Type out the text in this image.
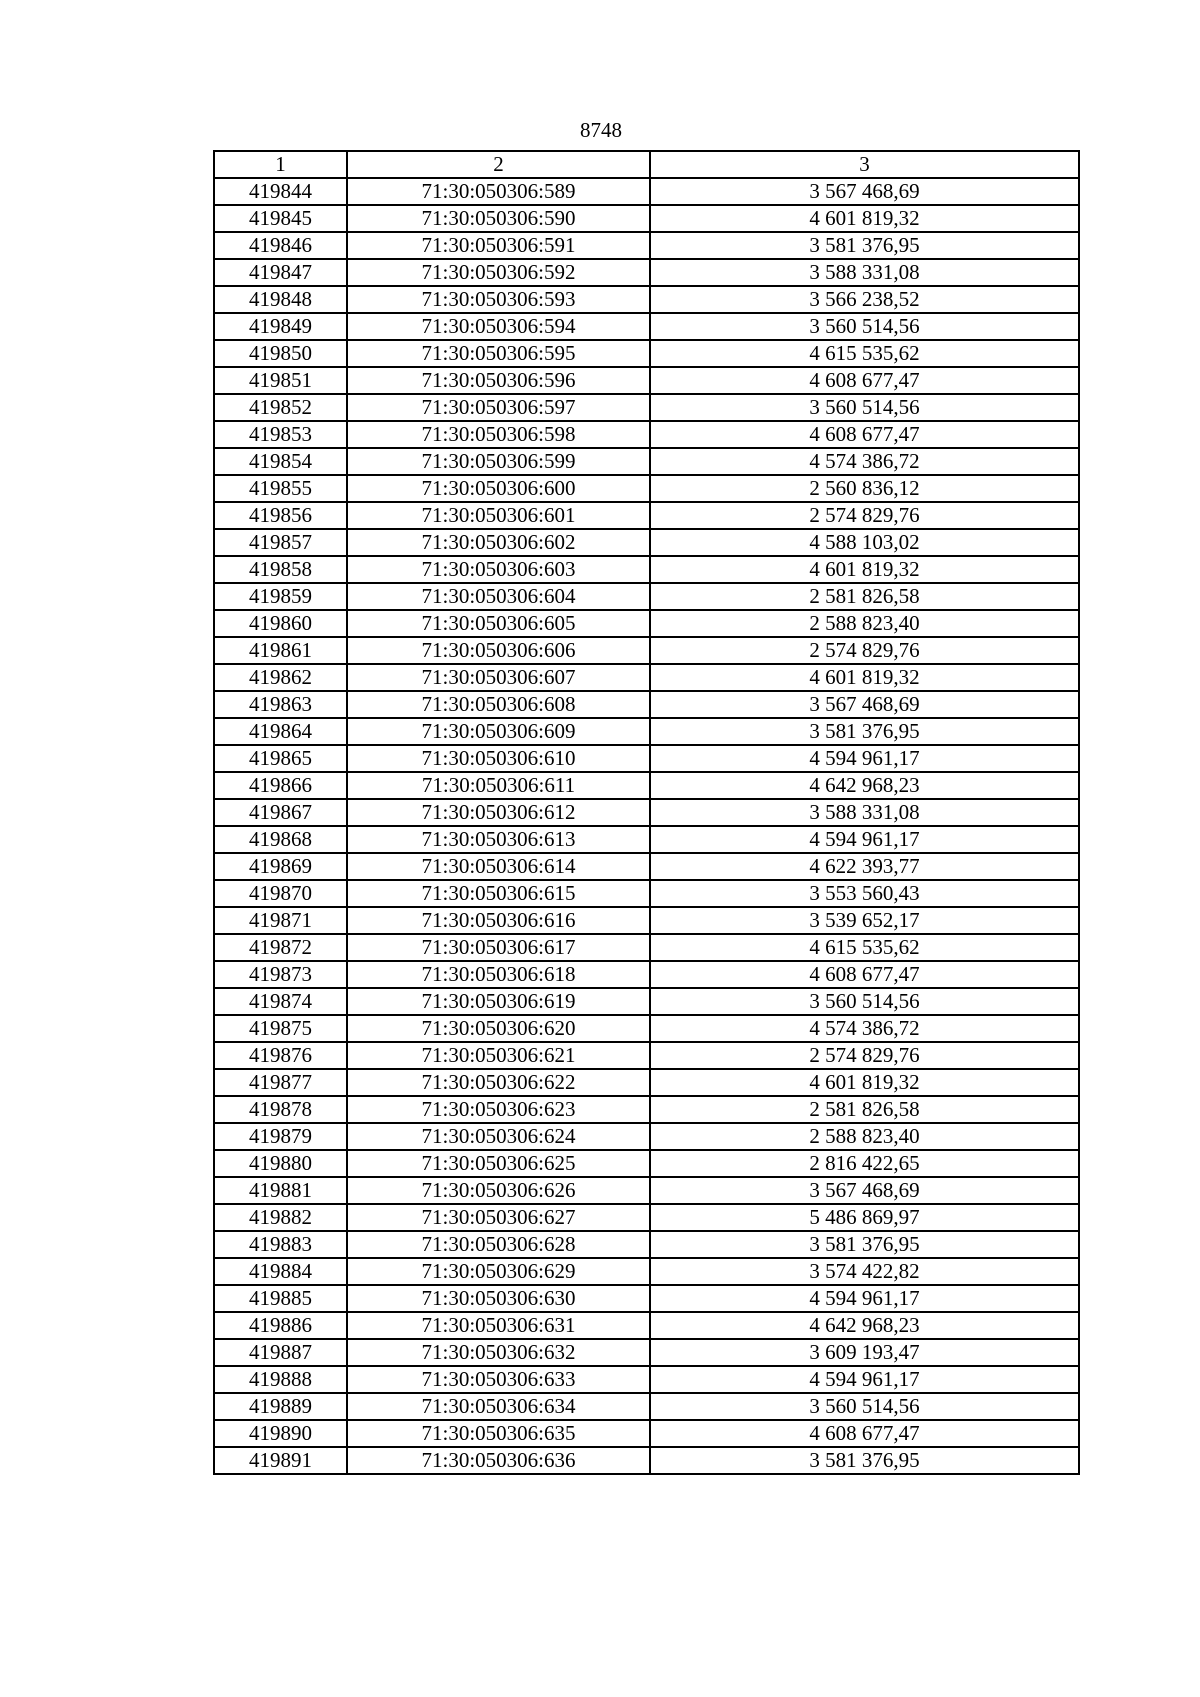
8748
1	2	3
419844	71:30:050306:589	3 567 468,69
419845	71:30:050306:590	4 601 819,32
419846	71:30:050306:591	3 581 376,95
419847	71:30:050306:592	3 588 331,08
419848	71:30:050306:593	3 566 238,52
419849	71:30:050306:594	3 560 514,56
419850	71:30:050306:595	4 615 535,62
419851	71:30:050306:596	4 608 677,47
419852	71:30:050306:597	3 560 514,56
419853	71:30:050306:598	4 608 677,47
419854	71:30:050306:599	4 574 386,72
419855	71:30:050306:600	2 560 836,12
419856	71:30:050306:601	2 574 829,76
419857	71:30:050306:602	4 588 103,02
419858	71:30:050306:603	4 601 819,32
419859	71:30:050306:604	2 581 826,58
419860	71:30:050306:605	2 588 823,40
419861	71:30:050306:606	2 574 829,76
419862	71:30:050306:607	4 601 819,32
419863	71:30:050306:608	3 567 468,69
419864	71:30:050306:609	3 581 376,95
419865	71:30:050306:610	4 594 961,17
419866	71:30:050306:611	4 642 968,23
419867	71:30:050306:612	3 588 331,08
419868	71:30:050306:613	4 594 961,17
419869	71:30:050306:614	4 622 393,77
419870	71:30:050306:615	3 553 560,43
419871	71:30:050306:616	3 539 652,17
419872	71:30:050306:617	4 615 535,62
419873	71:30:050306:618	4 608 677,47
419874	71:30:050306:619	3 560 514,56
419875	71:30:050306:620	4 574 386,72
419876	71:30:050306:621	2 574 829,76
419877	71:30:050306:622	4 601 819,32
419878	71:30:050306:623	2 581 826,58
419879	71:30:050306:624	2 588 823,40
419880	71:30:050306:625	2 816 422,65
419881	71:30:050306:626	3 567 468,69
419882	71:30:050306:627	5 486 869,97
419883	71:30:050306:628	3 581 376,95
419884	71:30:050306:629	3 574 422,82
419885	71:30:050306:630	4 594 961,17
419886	71:30:050306:631	4 642 968,23
419887	71:30:050306:632	3 609 193,47
419888	71:30:050306:633	4 594 961,17
419889	71:30:050306:634	3 560 514,56
419890	71:30:050306:635	4 608 677,47
419891	71:30:050306:636	3 581 376,95
